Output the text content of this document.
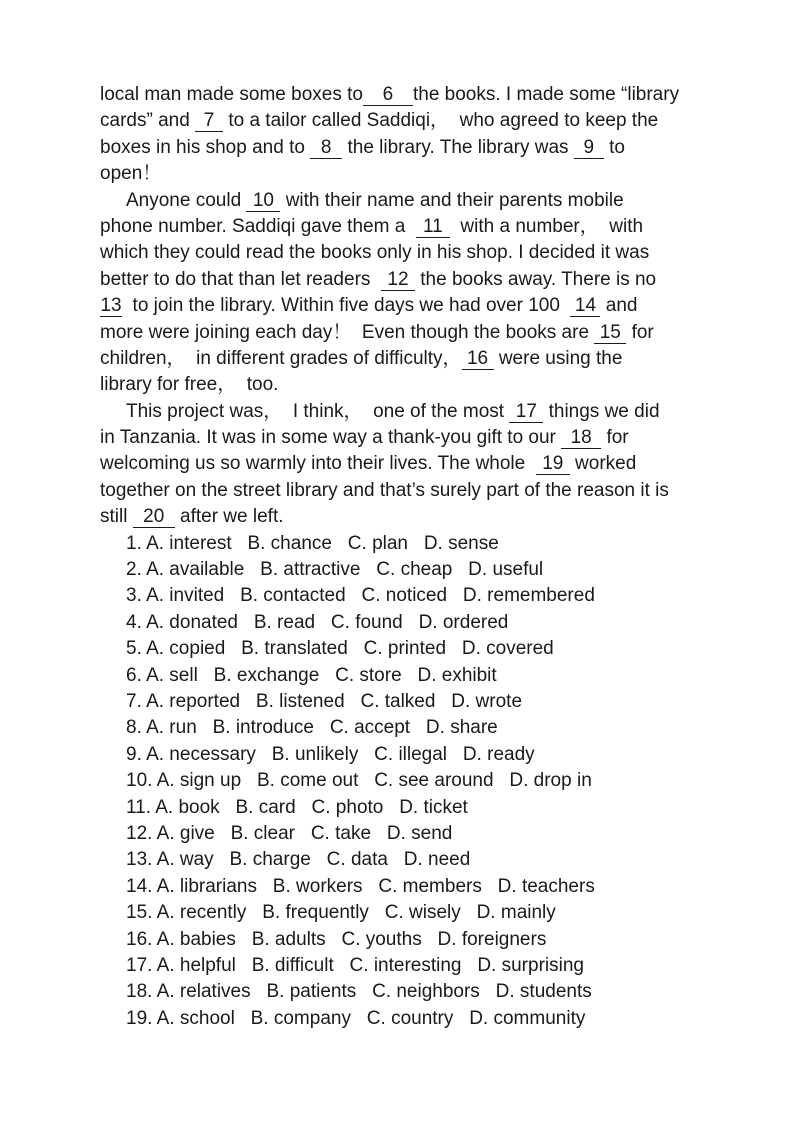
local man made some boxes to 6 the books. I made some “library
cards” and 7 to a tailor called Saddiqi，  who agreed to keep the
boxes in his shop and to 8 the library. The library was 9 to
open！
Anyone could 10 with their name and their parents mobile
phone number. Saddiqi gave them a  11  with a number，  with
which they could read the books only in his shop. I decided it was
better to do that than let readers  12 the books away. There is no
13  to join the library. Within five days we had over 100  14 and
more were joining each day！  Even though the books are 15 for
children，  in different grades of difficulty， 16 were using the
library for free，  too.
This project was，  I think，  one of the most 17 things we did
in Tanzania. It was in some way a thank-you gift to our 18 for
welcoming us so warmly into their lives. The whole  19 worked
together on the street library and that’s surely part of the reason it is
still 20 after we left.
1. A. interest   B. chance   C. plan   D. sense
2. A. available   B. attractive   C. cheap   D. useful
3. A. invited   B. contacted   C. noticed   D. remembered
4. A. donated   B. read   C. found   D. ordered
5. A. copied   B. translated   C. printed   D. covered
6. A. sell   B. exchange   C. store   D. exhibit
7. A. reported   B. listened   C. talked   D. wrote
8. A. run   B. introduce   C. accept   D. share
9. A. necessary   B. unlikely   C. illegal   D. ready
10. A. sign up   B. come out   C. see around   D. drop in
11. A. book   B. card   C. photo   D. ticket
12. A. give   B. clear   C. take   D. send
13. A. way   B. charge   C. data   D. need
14. A. librarians   B. workers   C. members   D. teachers
15. A. recently   B. frequently   C. wisely   D. mainly
16. A. babies   B. adults   C. youths   D. foreigners
17. A. helpful   B. difficult   C. interesting   D. surprising
18. A. relatives   B. patients   C. neighbors   D. students
19. A. school   B. company   C. country   D. community
